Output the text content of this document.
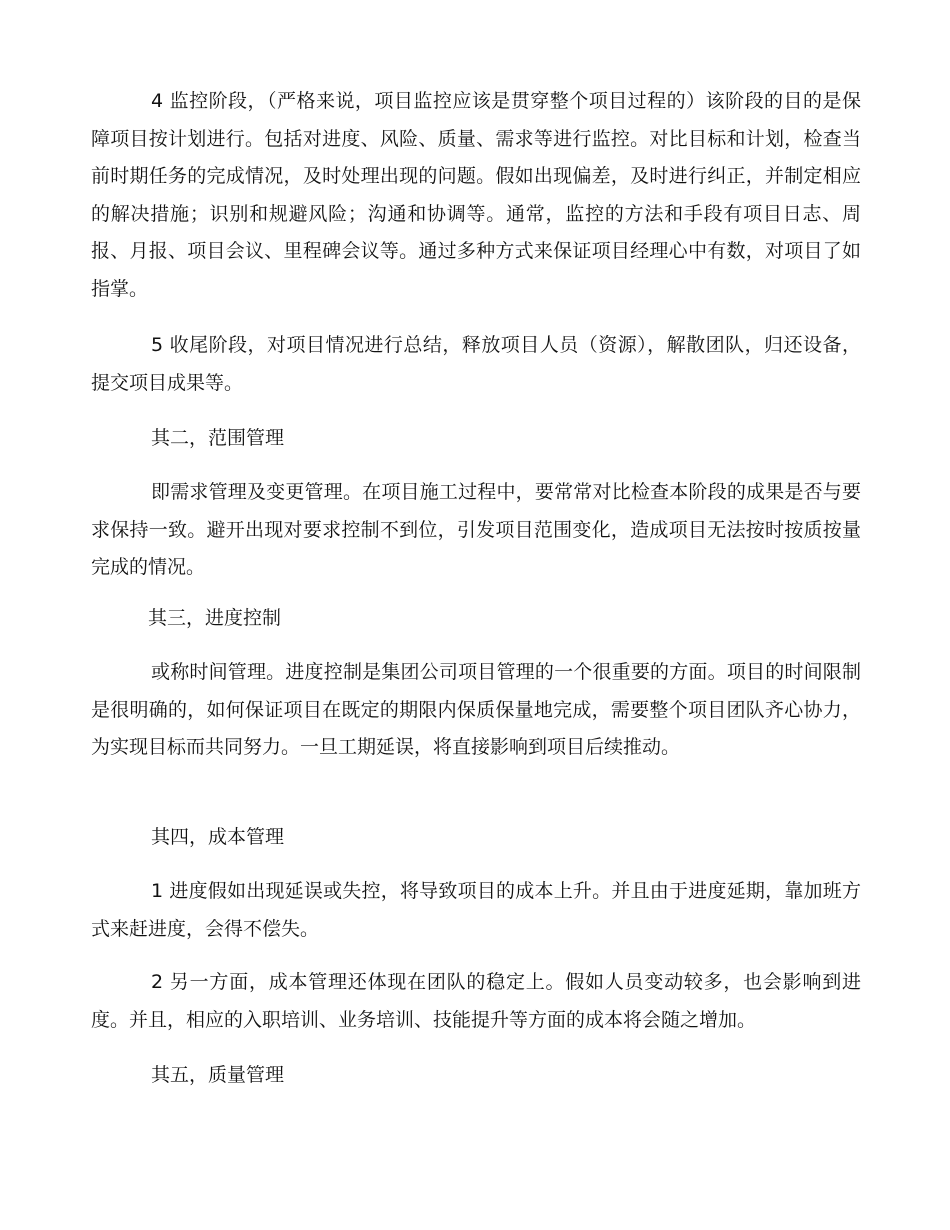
4 监控阶段，（严格来说，项目监控应该是贯穿整个项目过程的）该阶段的目的是保障项目按计划进行。包括对进度、风险、质量、需求等进行监控。对比目标和计划，检查当前时期任务的完成情况，及时处理出现的问题。假如出现偏差，及时进行纠正，并制定相应的解决措施；识别和规避风险；沟通和协调等。通常，监控的方法和手段有项目日志、周报、月报、项目会议、里程碑会议等。通过多种方式来保证项目经理心中有数，对项目了如指掌。

5 收尾阶段，对项目情况进行总结，释放项目人员（资源），解散团队，归还设备，提交项目成果等。

其二，范围管理

即需求管理及变更管理。在项目施工过程中，要常常对比检查本阶段的成果是否与要求保持一致。避开出现对要求控制不到位，引发项目范围变化，造成项目无法按时按质按量完成的情况。

其三，进度控制

或称时间管理。进度控制是集团公司项目管理的一个很重要的方面。项目的时间限制是很明确的，如何保证项目在既定的期限内保质保量地完成，需要整个项目团队齐心协力，为实现目标而共同努力。一旦工期延误，将直接影响到项目后续推动。

其四，成本管理

1 进度假如出现延误或失控，将导致项目的成本上升。并且由于进度延期，靠加班方式来赶进度，会得不偿失。

2 另一方面，成本管理还体现在团队的稳定上。假如人员变动较多，也会影响到进度。并且，相应的入职培训、业务培训、技能提升等方面的成本将会随之增加。

其五，质量管理
